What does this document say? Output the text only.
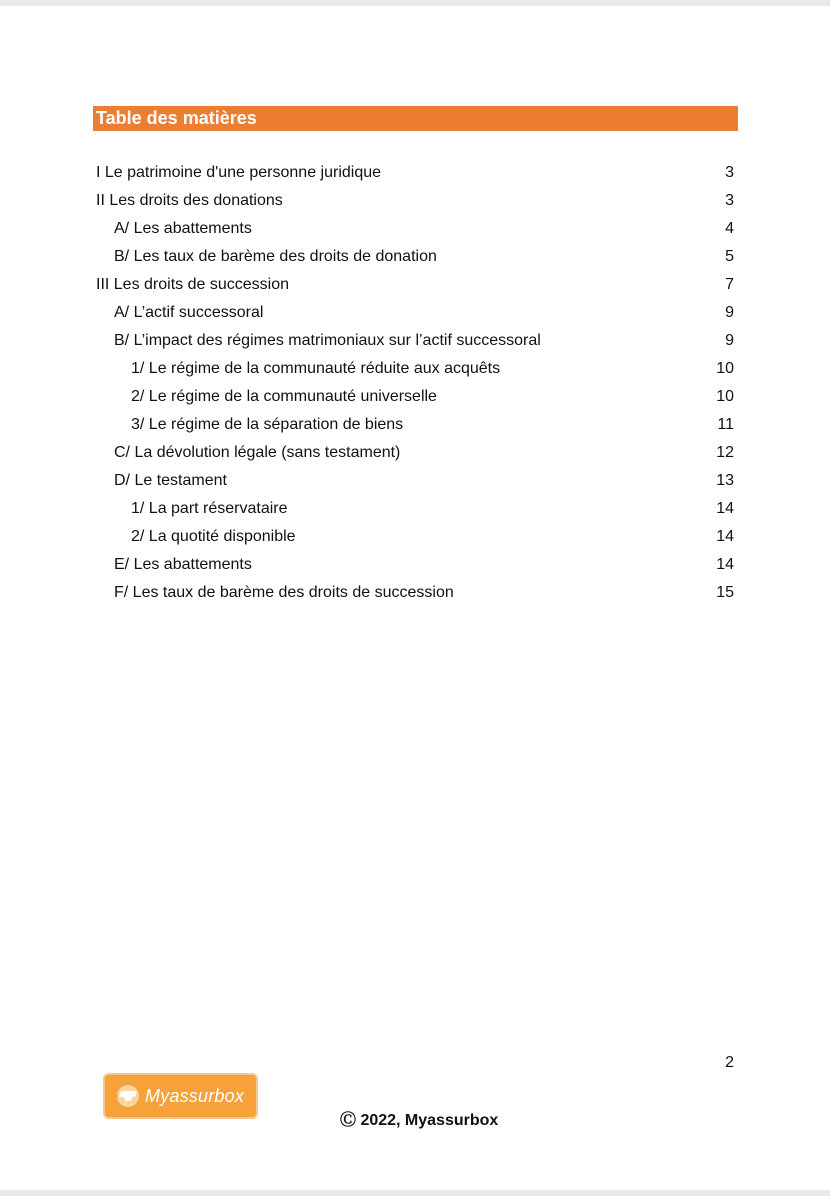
Table des matières
I Le patrimoine d'une personne juridique	3
II Les droits des donations	3
A/ Les abattements	4
B/ Les taux de barème des droits de donation	5
III Les droits de succession	7
A/ L’actif successoral	9
B/ L’impact des régimes matrimoniaux sur l’actif successoral	9
1/ Le régime de la communauté réduite aux acquêts	10
2/ Le régime de la communauté universelle	10
3/ Le régime de la séparation de biens	11
C/ La dévolution légale (sans testament)	12
D/ Le testament	13
1/ La part réservataire	14
2/ La quotité disponible	14
E/ Les abattements	14
F/ Les taux de barème des droits de succession	15
2
Myassurbox
Ⓒ 2022, Myassurbox
